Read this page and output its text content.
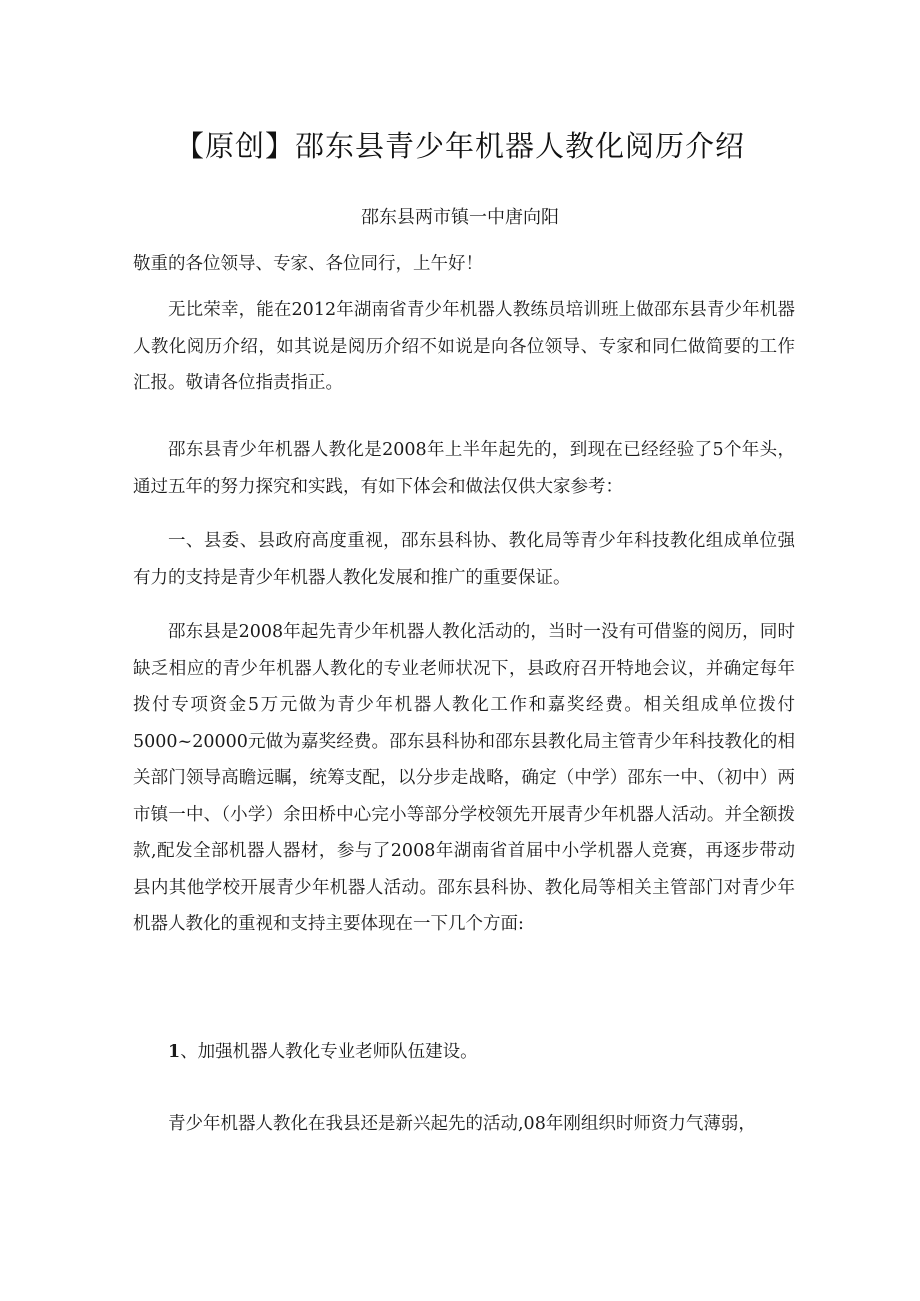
【原创】邵东县青少年机器人教化阅历介绍

邵东县两市镇一中唐向阳

敬重的各位领导、专家、各位同行，上午好！

无比荣幸，能在2012年湖南省青少年机器人教练员培训班上做邵东县青少年机器人教化阅历介绍，如其说是阅历介绍不如说是向各位领导、专家和同仁做简要的工作汇报。敬请各位指责指正。

邵东县青少年机器人教化是2008年上半年起先的，到现在已经经验了5个年头，通过五年的努力探究和实践，有如下体会和做法仅供大家参考：

一、县委、县政府高度重视，邵东县科协、教化局等青少年科技教化组成单位强有力的支持是青少年机器人教化发展和推广的重要保证。

邵东县是2008年起先青少年机器人教化活动的，当时一没有可借鉴的阅历，同时缺乏相应的青少年机器人教化的专业老师状况下，县政府召开特地会议，并确定每年拨付专项资金5万元做为青少年机器人教化工作和嘉奖经费。相关组成单位拨付5000~20000元做为嘉奖经费。邵东县科协和邵东县教化局主管青少年科技教化的相关部门领导高瞻远瞩，统筹支配，以分步走战略，确定（中学）邵东一中、（初中）两市镇一中、（小学）余田桥中心完小等部分学校领先开展青少年机器人活动。并全额拨款,配发全部机器人器材，参与了2008年湖南省首届中小学机器人竞赛，再逐步带动县内其他学校开展青少年机器人活动。邵东县科协、教化局等相关主管部门对青少年机器人教化的重视和支持主要体现在一下几个方面:

1、加强机器人教化专业老师队伍建设。

青少年机器人教化在我县还是新兴起先的活动,08年刚组织时师资力气薄弱，
